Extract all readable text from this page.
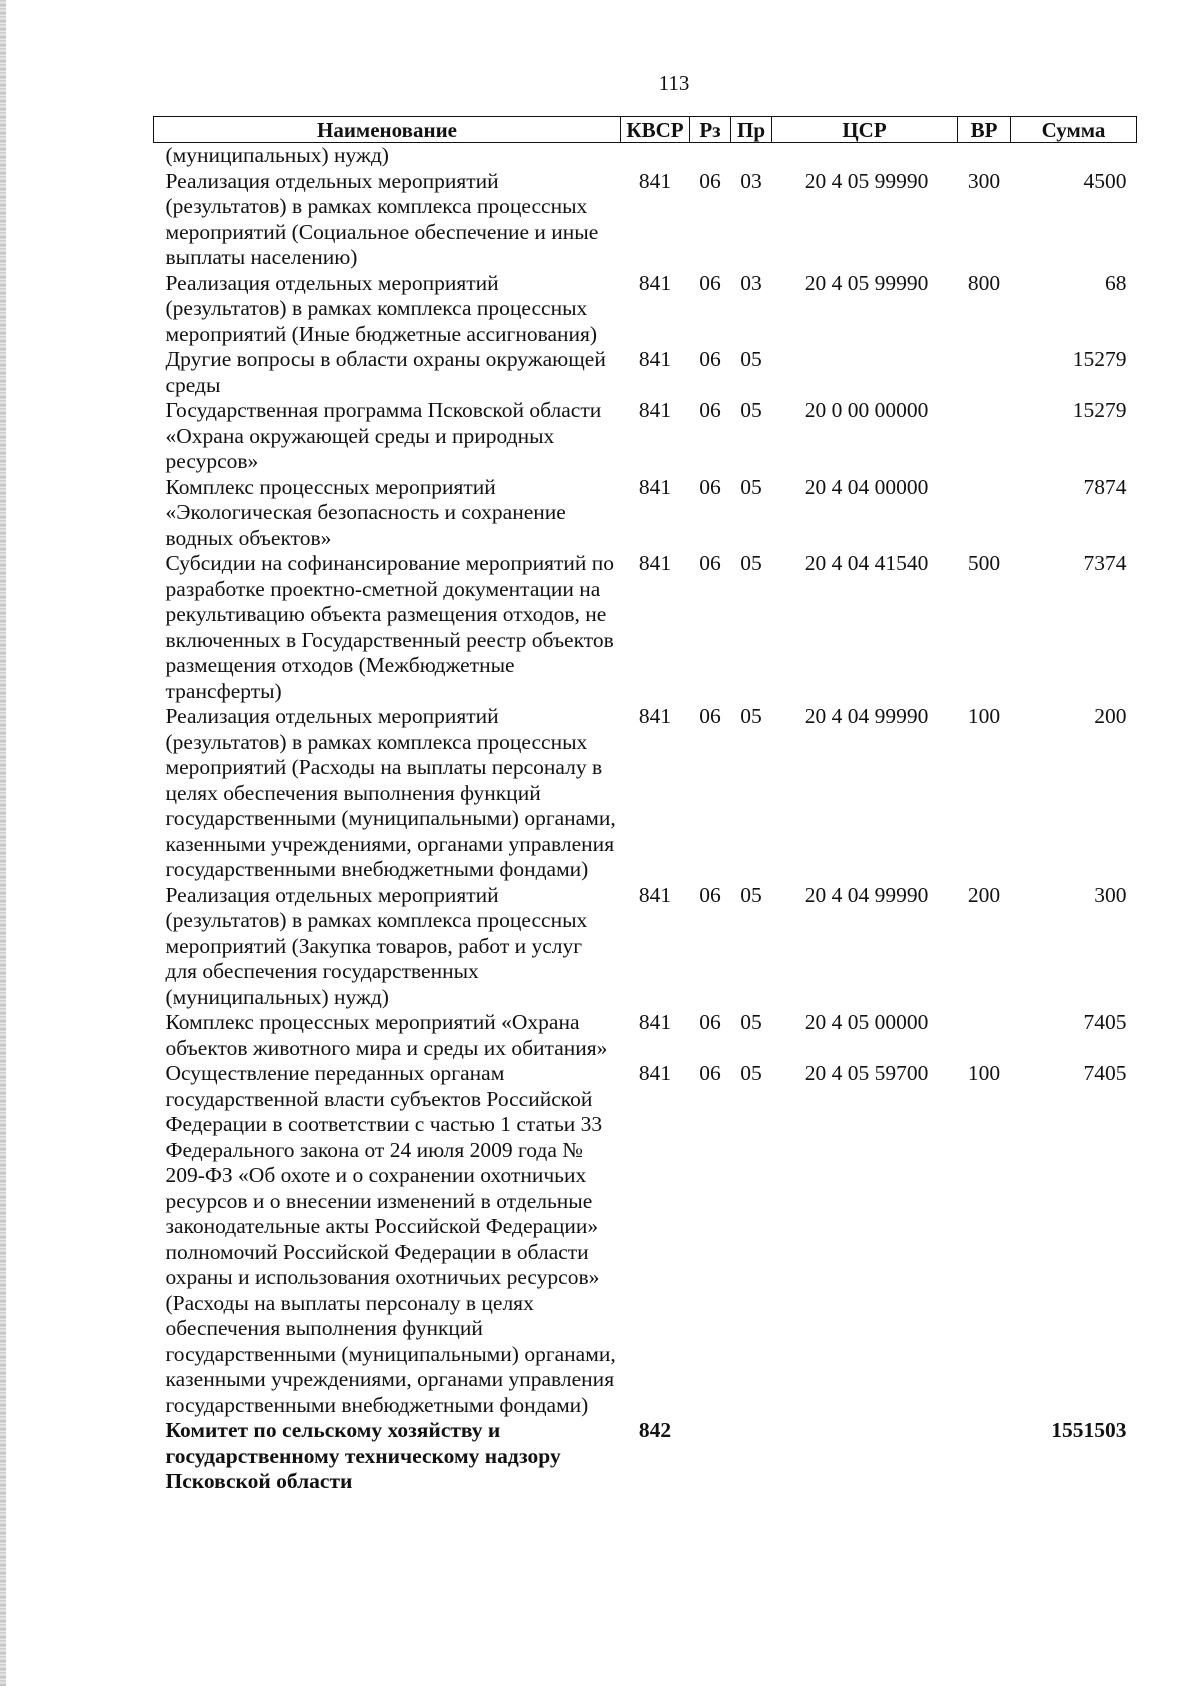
113
Наименование	КВСР	Рз	Пр	ЦСР	ВР	Сумма
(муниципальных) нужд)						
Реализация отдельных мероприятий (результатов) в рамках комплекса процессных мероприятий (Социальное обеспечение и иные выплаты населению)	841	06	03	20 4 05 99990	300	4500
Реализация отдельных мероприятий (результатов) в рамках комплекса процессных мероприятий (Иные бюджетные ассигнования)	841	06	03	20 4 05 99990	800	68
Другие вопросы в области охраны окружающей среды	841	06	05			15279
Государственная программа Псковской области «Охрана окружающей среды и природных ресурсов»	841	06	05	20 0 00 00000		15279
Комплекс процессных мероприятий «Экологическая безопасность и сохранение водных объектов»	841	06	05	20 4 04 00000		7874
Субсидии на софинансирование мероприятий по разработке проектно-сметной документации на рекультивацию объекта размещения отходов, не включенных в Государственный реестр объектов размещения отходов (Межбюджетные трансферты)	841	06	05	20 4 04 41540	500	7374
Реализация отдельных мероприятий (результатов) в рамках комплекса процессных мероприятий (Расходы на выплаты персоналу в целях обеспечения выполнения функций государственными (муниципальными) органами, казенными учреждениями, органами управления государственными внебюджетными фондами)	841	06	05	20 4 04 99990	100	200
Реализация отдельных мероприятий (результатов) в рамках комплекса процессных мероприятий (Закупка товаров, работ и услуг для обеспечения государственных (муниципальных) нужд)	841	06	05	20 4 04 99990	200	300
Комплекс процессных мероприятий «Охрана объектов животного мира и среды их обитания»	841	06	05	20 4 05 00000		7405
Осуществление переданных органам государственной власти субъектов Российской Федерации в соответствии с частью 1 статьи 33 Федерального закона от 24 июля 2009 года № 209-ФЗ «Об охоте и о сохранении охотничьих ресурсов и о внесении изменений в отдельные законодательные акты Российской Федерации» полномочий Российской Федерации в области охраны и использования охотничьих ресурсов» (Расходы на выплаты персоналу в целях обеспечения выполнения функций государственными (муниципальными) органами, казенными учреждениями, органами управления государственными внебюджетными фондами)	841	06	05	20 4 05 59700	100	7405
Комитет по сельскому хозяйству и государственному техническому надзору Псковской области	842					1551503
